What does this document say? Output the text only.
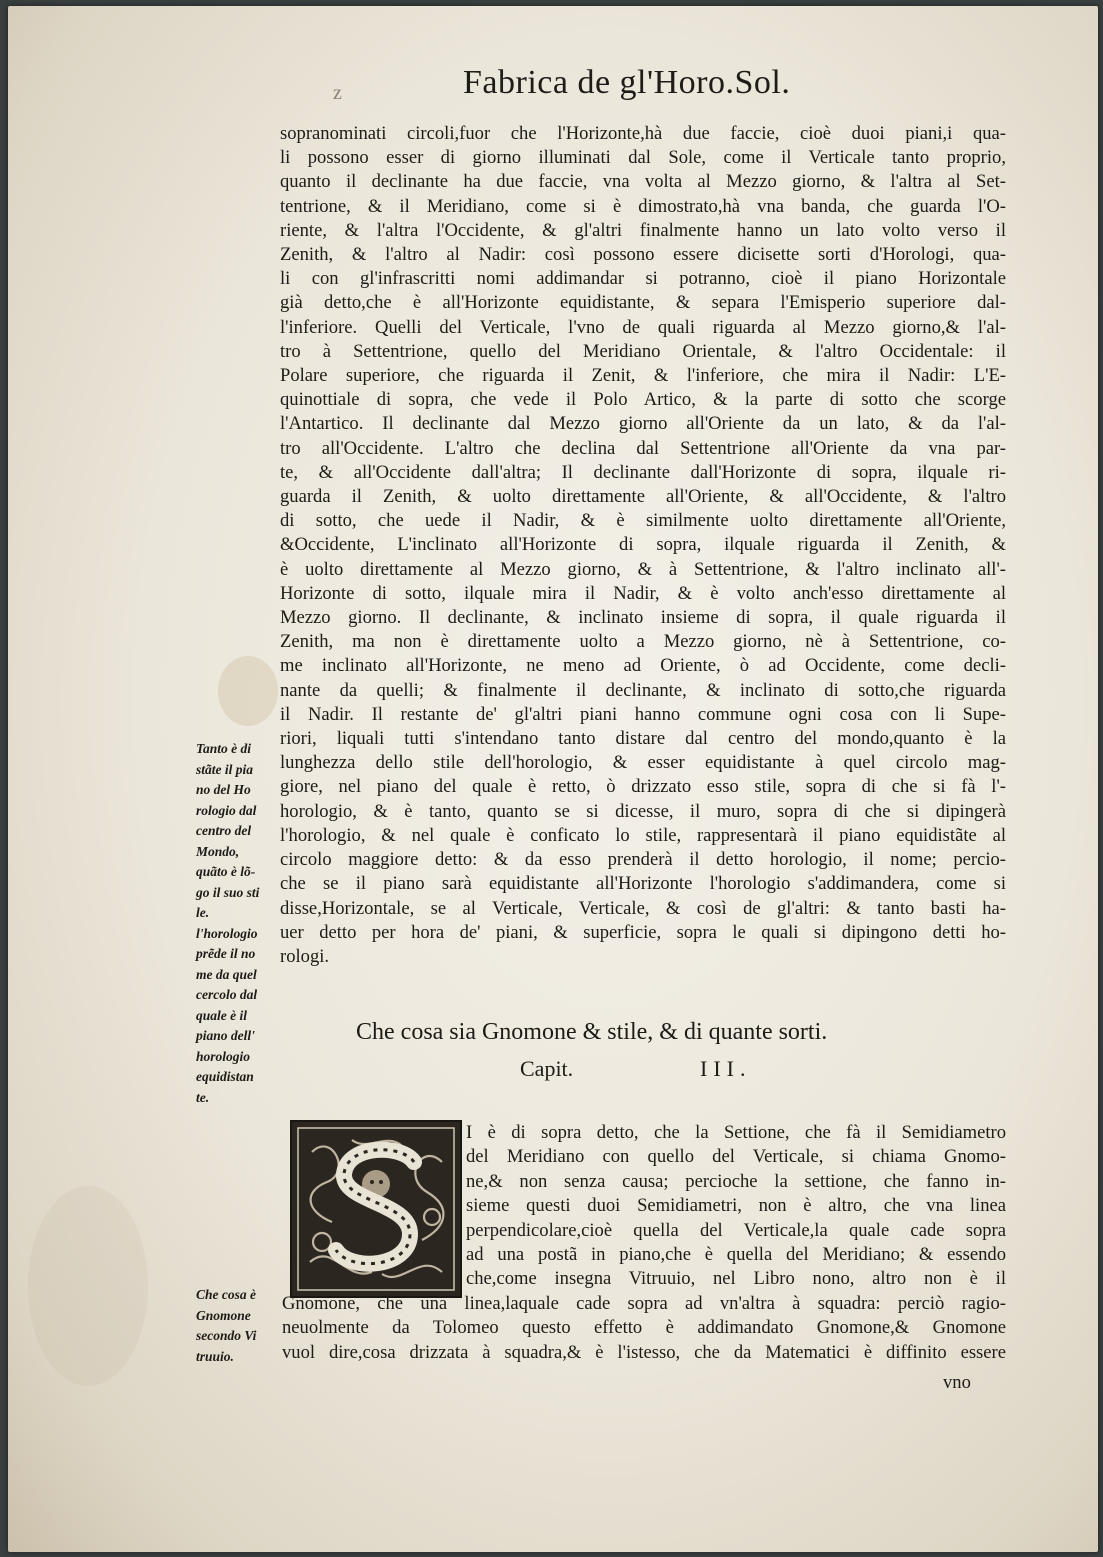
z	Fabrica de gl'Horo.Sol.
sopranominati circoli,fuor che l'Horizonte,hà due faccie, cioè duoi piani,i qua-
li possono esser di giorno illuminati dal Sole, come il Verticale tanto proprio,
quanto il declinante ha due faccie, vna volta al Mezzo giorno, & l'altra al Set-
tentrione, & il Meridiano, come si è dimostrato,hà vna banda, che guarda l'O-
riente, & l'altra l'Occidente, & gl'altri finalmente hanno un lato volto verso il
Zenith, & l'altro al Nadir: così possono essere dicisette sorti d'Horologi, qua-
li con gl'infrascritti nomi addimandar si potranno, cioè il piano Horizontale
già detto,che è all'Horizonte equidistante, & separa l'Emisperio superiore dal-
l'inferiore. Quelli del Verticale, l'vno de quali riguarda al Mezzo giorno,& l'al-
tro à Settentrione, quello del Meridiano Orientale, & l'altro Occidentale: il
Polare superiore, che riguarda il Zenit, & l'inferiore, che mira il Nadir: L'E-
quinottiale di sopra, che vede il Polo Artico, & la parte di sotto che scorge
l'Antartico. Il declinante dal Mezzo giorno all'Oriente da un lato, & da l'al-
tro all'Occidente. L'altro che declina dal Settentrione all'Oriente da vna par-
te, & all'Occidente dall'altra; Il declinante dall'Horizonte di sopra, ilquale ri-
guarda il Zenith, & uolto direttamente all'Oriente, & all'Occidente, & l'altro
di sotto, che uede il Nadir, & è similmente uolto direttamente all'Oriente,
&Occidente, L'inclinato all'Horizonte di sopra, ilquale riguarda il Zenith, &
è uolto direttamente al Mezzo giorno, & à Settentrione, & l'altro inclinato all'-
Horizonte di sotto, ilquale mira il Nadir, & è volto anch'esso direttamente al
Mezzo giorno. Il declinante, & inclinato insieme di sopra, il quale riguarda il
Zenith, ma non è direttamente uolto a Mezzo giorno, nè à Settentrione, co-
me inclinato all'Horizonte, ne meno ad Oriente, ò ad Occidente, come decli-
nante da quelli; & finalmente il declinante, & inclinato di sotto,che riguarda
il Nadir. Il restante de' gl'altri piani hanno commune ogni cosa con li Supe-
riori, liquali tutti s'intendano tanto distare dal centro del mondo,quanto è la
lunghezza dello stile dell'horologio, & esser equidistante à quel circolo mag-
giore, nel piano del quale è retto, ò drizzato esso stile, sopra di che si fà l'-
horologio, & è tanto, quanto se si dicesse, il muro, sopra di che si dipingerà
l'horologio, & nel quale è conficato lo stile, rappresentarà il piano equidistãte al
circolo maggiore detto: & da esso prenderà il detto horologio, il nome; percio-
che se il piano sarà equidistante all'Horizonte l'horologio s'addimandera, come si
disse,Horizontale, se al Verticale, Verticale, & così de gl'altri: & tanto basti ha-
uer detto per hora de' piani, & superficie, sopra le quali si dipingono detti ho-
rologi.
Tanto è di
stãte il pia
no del Ho
rologio dal
centro del
Mondo,
quãto è lõ-
go il suo sti
le.
l'horologio
prẽde il no
me da quel
cercolo dal
quale è il
piano dell'
horologio
equidistan
te.
Che cosa sia Gnomone & stile, & di quante sorti.
Capit.	III.
I è di sopra detto, che la Settione, che fà il Semidiametro
del Meridiano con quello del Verticale, si chiama Gnomo-
ne,& non senza causa; percioche la settione, che fanno in-
sieme questi duoi Semidiametri, non è altro, che vna linea
perpendicolare,cioè quella del Verticale,la quale cade sopra
ad una postã in piano,che è quella del Meridiano; & essendo
che,come insegna Vitruuio, nel Libro nono, altro non è il
Gnomone, che una linea,laquale cade sopra ad vn'altra à squadra: perciò ragio-
neuolmente da Tolomeo questo effetto è addimandato Gnomone,& Gnomone
vuol dire,cosa drizzata à squadra,& è l'istesso, che da Matematici è diffinito essere
Che cosa è
Gnomone
secondo Vi
truuio.
vno
